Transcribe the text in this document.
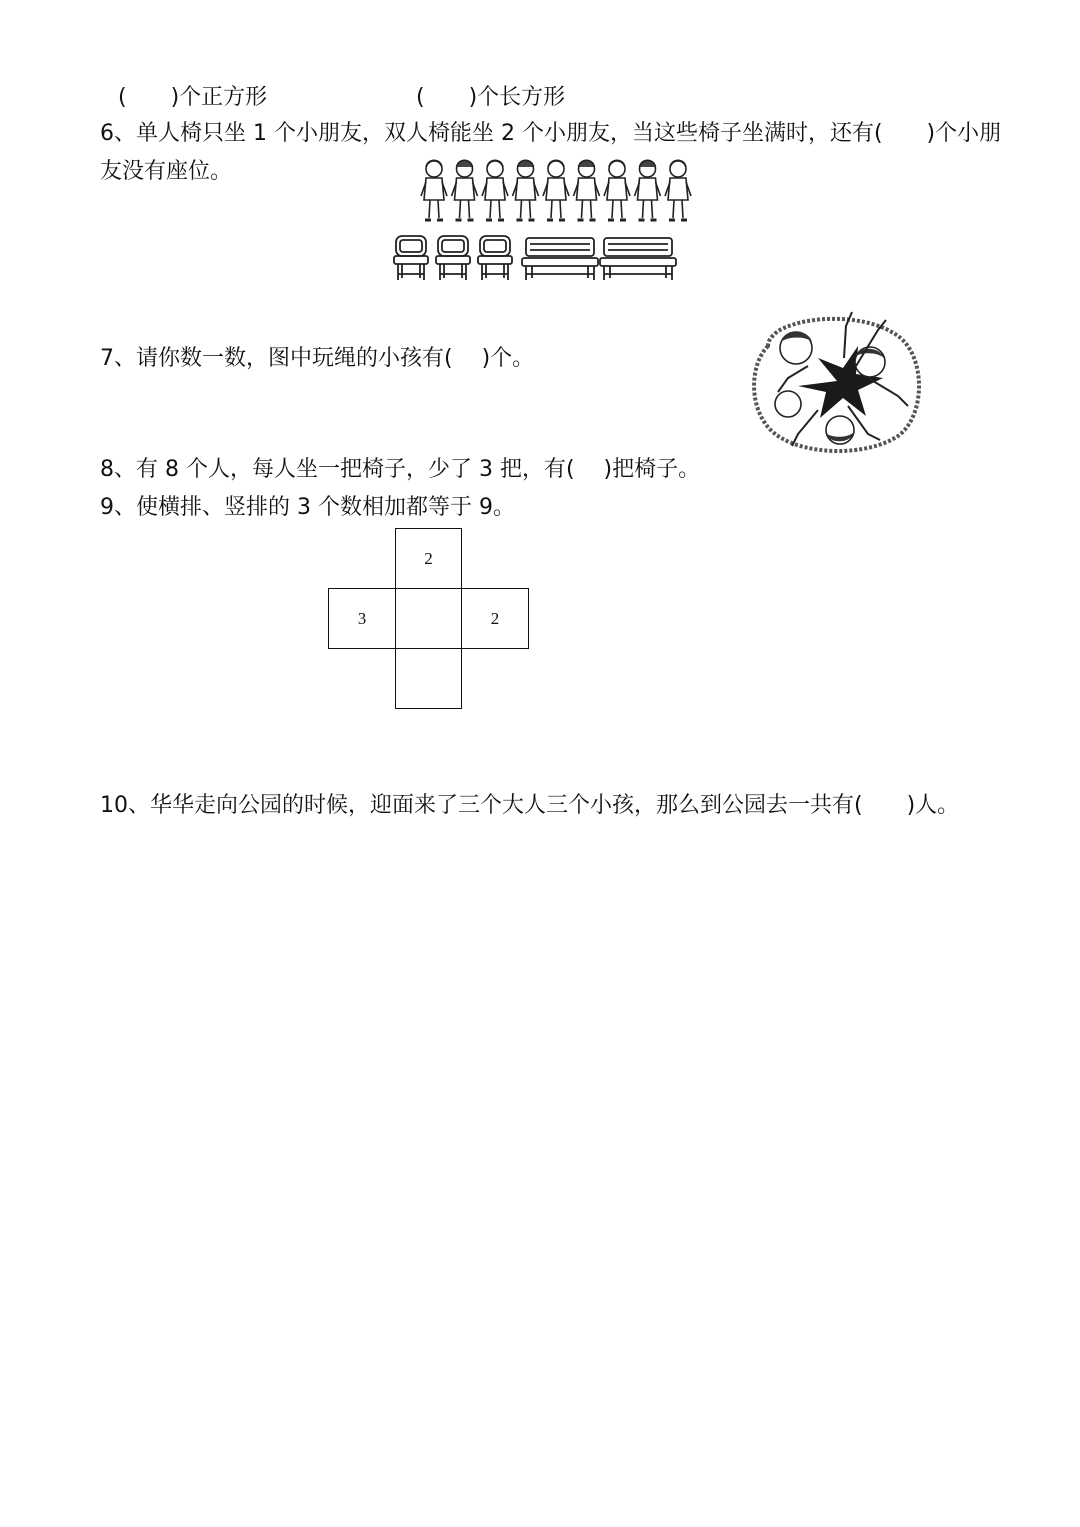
(　　)个正方形	(　　)个长方形
6、单人椅只坐 1 个小朋友，双人椅能坐 2 个小朋友，当这些椅子坐满时，还有(　　)个小朋
友没有座位。
7、请你数一数，图中玩绳的小孩有(　 )个。
8、有 8 个人，每人坐一把椅子，少了 3 把，有(　 )把椅子。
9、使横排、竖排的 3 个数相加都等于 9。
2
3	2
10、华华走向公园的时候，迎面来了三个大人三个小孩，那么到公园去一共有(　　)人。
